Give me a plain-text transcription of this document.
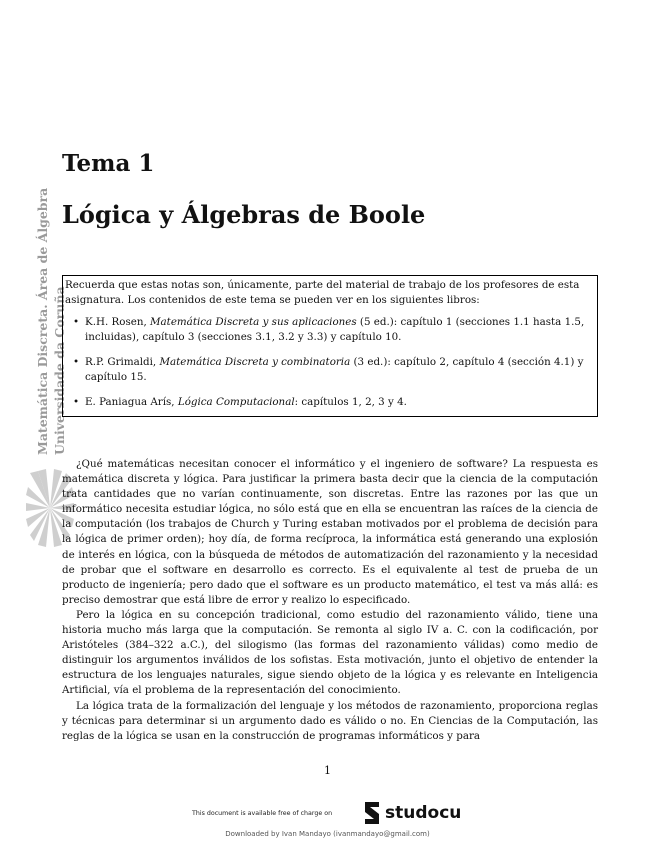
Matemática Discreta. Área de Álgebra Universidade da Coruña
Tema 1
Lógica y Álgebras de Boole

Recuerda que estas notas son, únicamente, parte del material de trabajo de los profesores de esta asignatura. Los contenidos de este tema se pueden ver en los siguientes libros:

• K.H. Rosen, Matemática Discreta y sus aplicaciones (5 ed.): capítulo 1 (secciones 1.1 hasta 1.5, incluidas), capítulo 3 (secciones 3.1, 3.2 y 3.3) y capítulo 10.
• R.P. Grimaldi, Matemática Discreta y combinatoria (3 ed.): capítulo 2, capítulo 4 (sección 4.1) y capítulo 15.
• E. Paniagua Arís, Lógica Computacional: capítulos 1, 2, 3 y 4.

¿Qué matemáticas necesitan conocer el informático y el ingeniero de software? La respuesta es matemática discreta y lógica. Para justificar la primera basta decir que la ciencia de la computación trata cantidades que no varían continuamente, son discretas. Entre las razones por las que un informático necesita estudiar lógica, no sólo está que en ella se encuentran las raíces de la ciencia de la computación (los trabajos de Church y Turing estaban motivados por el problema de decisión para la lógica de primer orden); hoy día, de forma recíproca, la informática está generando una explosión de interés en lógica, con la búsqueda de métodos de automatización del razonamiento y la necesidad de probar que el software en desarrollo es correcto. Es el equivalente al test de prueba de un producto de ingeniería; pero dado que el software es un producto matemático, el test va más allá: es preciso demostrar que está libre de error y realizo lo especificado.

Pero la lógica en su concepción tradicional, como estudio del razonamiento válido, tiene una historia mucho más larga que la computación. Se remonta al siglo IV a. C. con la codificación, por Aristóteles (384–322 a.C.), del silogismo (las formas del razonamiento válidas) como medio de distinguir los argumentos inválidos de los sofistas. Esta motivación, junto el objetivo de entender la estructura de los lenguajes naturales, sigue siendo objeto de la lógica y es relevante en Inteligencia Artificial, vía el problema de la representación del conocimiento.

La lógica trata de la formalización del lenguaje y los métodos de razonamiento, proporciona reglas y técnicas para determinar si un argumento dado es válido o no. En Ciencias de la Computación, las reglas de la lógica se usan en la construcción de programas informáticos y para

1
This document is available free of charge on	studocu
Downloaded by Ivan Mandayo (ivanmandayo@gmail.com)
